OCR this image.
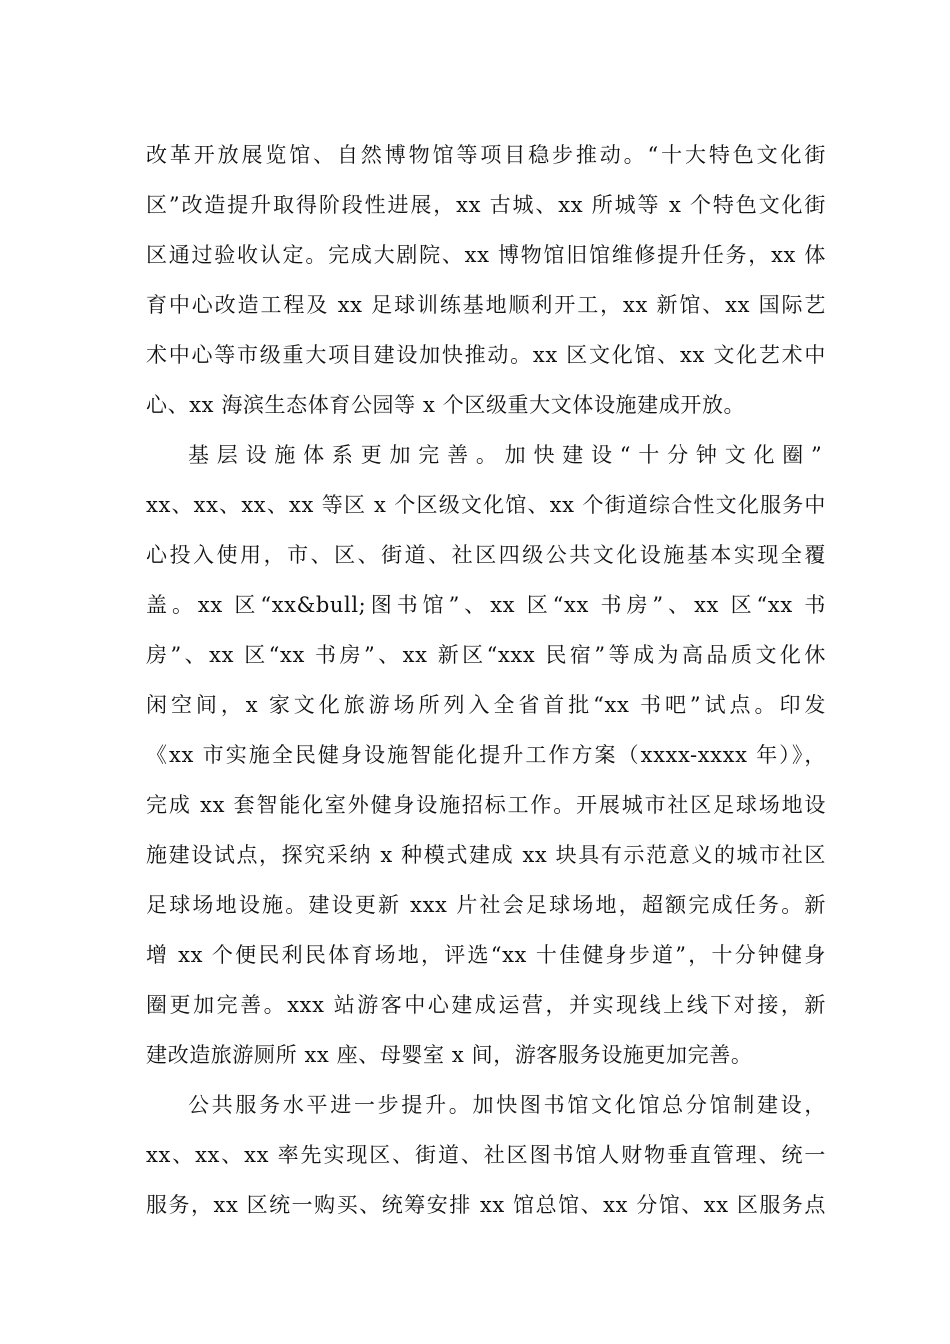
改革开放展览馆、自然博物馆等项目稳步推动。“十大特色文化街
区”改造提升取得阶段性进展，xx 古城、xx 所城等 x 个特色文化街
区通过验收认定。完成大剧院、xx 博物馆旧馆维修提升任务，xx 体
育中心改造工程及 xx 足球训练基地顺利开工，xx 新馆、xx 国际艺
术中心等市级重大项目建设加快推动。xx 区文化馆、xx 文化艺术中
心、xx 海滨生态体育公园等 x 个区级重大文体设施建成开放。
基层设施体系更加完善。加快建设“十分钟文化圈”
xx、xx、xx、xx 等区 x 个区级文化馆、xx 个街道综合性文化服务中
心投入使用，市、区、街道、社区四级公共文化设施基本实现全覆
盖。xx 区“xx&bull;图书馆”、xx 区“xx 书房”、xx 区“xx 书
房”、xx 区“xx 书房”、xx 新区“xxx 民宿”等成为高品质文化休
闲空间，x 家文化旅游场所列入全省首批“xx 书吧”试点。印发
《xx 市实施全民健身设施智能化提升工作方案（xxxx-xxxx 年）》，
完成 xx 套智能化室外健身设施招标工作。开展城市社区足球场地设
施建设试点，探究采纳 x 种模式建成 xx 块具有示范意义的城市社区
足球场地设施。建设更新 xxx 片社会足球场地，超额完成任务。新
增 xx 个便民利民体育场地，评选“xx 十佳健身步道”，十分钟健身
圈更加完善。xxx 站游客中心建成运营，并实现线上线下对接，新
建改造旅游厕所 xx 座、母婴室 x 间，游客服务设施更加完善。
公共服务水平进一步提升。加快图书馆文化馆总分馆制建设，
xx、xx、xx 率先实现区、街道、社区图书馆人财物垂直管理、统一
服务，xx 区统一购买、统筹安排 xx 馆总馆、xx 分馆、xx 区服务点
